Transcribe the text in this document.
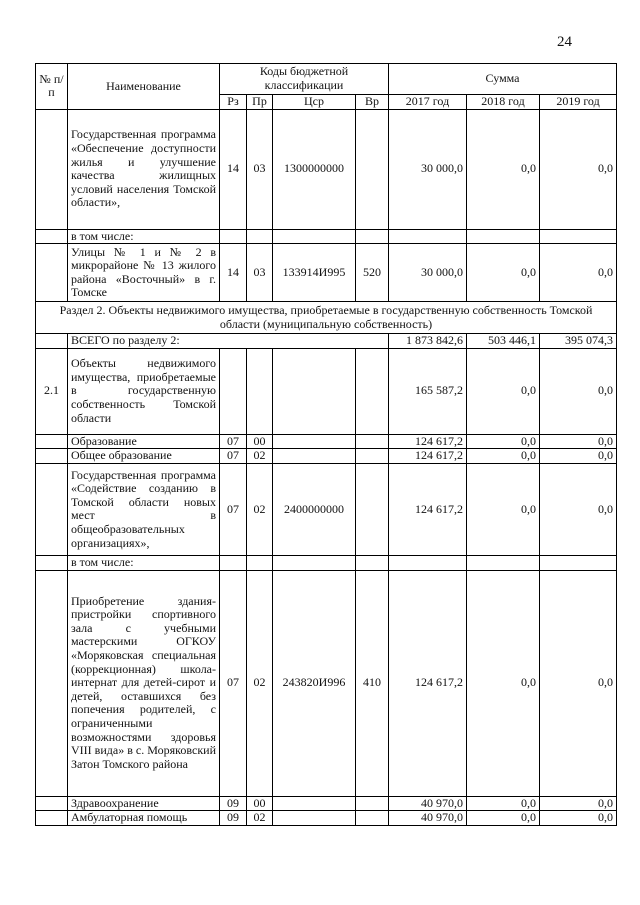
24
№ п/п	Наименование	Коды бюджетной классификации				Сумма		
		Рз	Пр	Цср	Вр	2017 год	2018 год	2019 год
	Государственная программа «Обеспечение доступности жилья и улучшение качества жилищных условий населения Томской области»,	14	03	1300000000		30 000,0	0,0	0,0
	в том числе:							
	Улицы № 1 и № 2 в микрорайоне № 13 жилого района «Восточный» в г. Томске	14	03	133914И995	520	30 000,0	0,0	0,0
Раздел 2. Объекты недвижимого имущества, приобретаемые в государственную собственность Томской области (муниципальную собственность)								
	ВСЕГО по разделу 2:					1 873 842,6	503 446,1	395 074,3
2.1	Объекты недвижимого имущества, приобретаемые в государственную собственность Томской области					165 587,2	0,0	0,0
	Образование	07	00			124 617,2	0,0	0,0
	Общее образование	07	02			124 617,2	0,0	0,0
	Государственная программа «Содействие созданию в Томской области новых мест в общеобразовательных организациях»,	07	02	2400000000		124 617,2	0,0	0,0
	в том числе:							
	Приобретение здания-пристройки спортивного зала с учебными мастерскими ОГКОУ «Моряковская специальная (коррекционная) школа-интернат для детей-сирот и детей, оставшихся без попечения родителей, с ограниченными возможностями здоровья VIII вида» в с. Моряковский Затон Томского района	07	02	243820И996	410	124 617,2	0,0	0,0
	Здравоохранение	09	00			40 970,0	0,0	0,0
	Амбулаторная помощь	09	02			40 970,0	0,0	0,0
